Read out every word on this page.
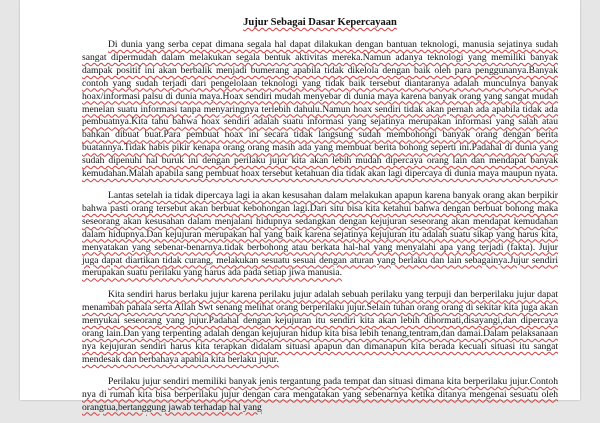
Jujur Sebagai Dasar Kepercayaan

Di dunia yang serba cepat dimana segala hal dapat dilakukan dengan bantuan teknologi, manusia sejatinya sudah sangat dipermudah dalam melakukan segala bentuk aktivitas mereka.Namun adanya teknologi yang memiliki banyak dampak positif ini akan berbalik menjadi bumerang apabila tidak dikelola dengan baik oleh para penggunanya.Banyak contoh yang sudah terjadi dari pengelolaan teknologi yang tidak baik tersebut diantaranya adalah munculnya banyak hoax/informasi palsu di dunia maya.Hoax sendiri mudah menyebar di dunia maya karena banyak orang yang sangat mudah menelan suatu informasi tanpa menyaringnya terlebih dahulu.Namun hoax sendiri tidak akan pernah ada apabila tidak ada pembuatnya.Kita tahu bahwa hoax sendiri adalah suatu informasi yang sejatinya merupakan informasi yang salah atau bahkan dibuat buat.Para pembuat hoax ini secara tidak langsung sudah membohongi banyak orang dengan berita buatannya.Tidak habis pikir kenapa orang orang masih ada yang membuat berita bohong seperti ini.Padahal di dunia yang sudah dipenuhi hal buruk ini dengan perilaku jujur kita akan lebih mudah dipercaya orang lain dan mendapat banyak kemudahan.Malah apabila sang pembuat hoax tersebut ketahuan dia tidak akan lagi dipercaya di dunia maya maupun nyata.

Lantas setelah ia tidak dipercaya lagi ia akan kesusahan dalam melakukan apapun karena banyak orang akan berpikir bahwa pasti orang tersebut akan berbuat kebohongan lagi.Dari situ bisa kita ketahui bahwa dengan berbuat bohong maka seseorang akan kesusahan dalam menjalani hidupnya sedangkan dengan kejujuran seseorang akan mendapat kemudahan dalam hidupnya.Dan kejujuran merupakan hal yang baik karena sejatinya kejujuran itu adalah suatu sikap yang harus kita, menyatakan yang sebenar-benarnya.tidak berbohong atau berkata hal-hal yang menyalahi apa yang terjadi (fakta). Jujur juga dapat diartikan tidak curang, melakukan sesuatu sesuai dengan aturan yang berlaku dan lain sebagainya.Jujur sendiri merupakan suatu perilaku yang harus ada pada setiap jiwa manusia.

Kita sendiri harus berlaku jujur karena perilaku jujur adalah sebuah perilaku yang terpuji dan berperilaku jujur dapat menambah pahala serta Allah Swt senang melihat orang berperilaku jujur.Selain tuhan orang orang di sekitar kita juga akan menyukai seseorang yang jujur.Padahal dengan kejujuran itu sendiri kita akan lebih dihormati,disayangi,dan dipercaya orang lain.Dan yang terpenting adalah dengan kejujuran hidup kita bisa lebih tenang,tentram,dan damai.Dalam pelaksanaan nya kejujuran sendiri harus kita terapkan didalam situasi apapun dan dimanapun kita berada kecuali situasi itu sangat mendesak dan berbahaya apabila kita berlaku jujur.

Perilaku jujur sendiri memiliki banyak jenis tergantung pada tempat dan situasi dimana kita berperilaku jujur.Contoh nya di rumah kita bisa berperilaku jujur dengan cara mengatakan yang sebenarnya ketika ditanya mengenai sesuatu oleh orangtua,bertanggung jawab terhadap hal yang
